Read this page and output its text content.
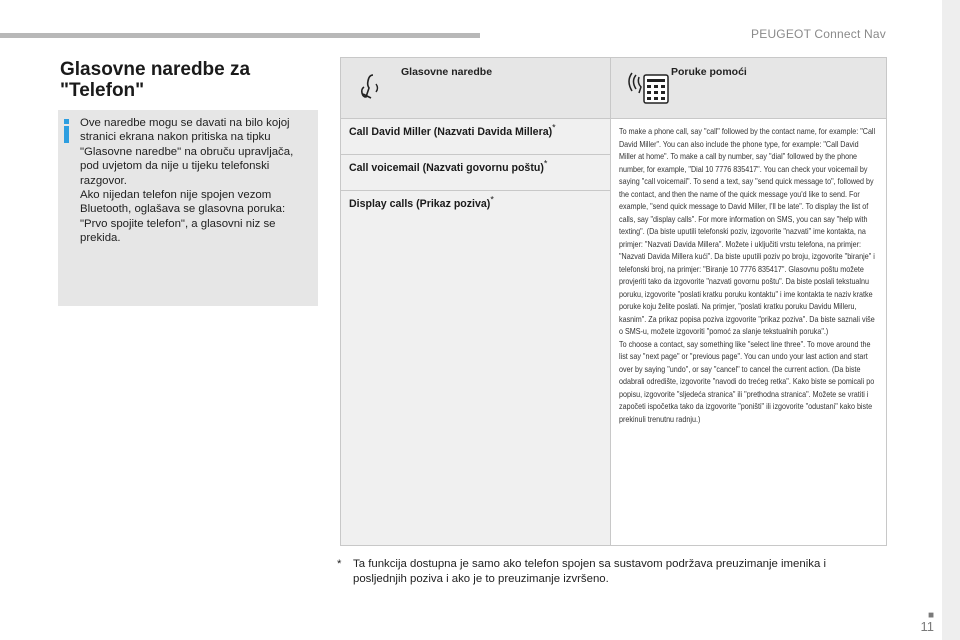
PEUGEOT Connect Nav
■
11
Glasovne naredbe za "Telefon"

Ove naredbe mogu se davati na bilo kojoj stranici ekrana nakon pritiska na tipku "Glasovne naredbe" na obruču upravljača, pod uvjetom da nije u tijeku telefonski razgovor.
Ako nijedan telefon nije spojen vezom Bluetooth, oglašava se glasovna poruka: "Prvo spojite telefon", a glasovni niz se prekida.

Glasovne naredbe	Poruke pomoći

Call David Miller (Nazvati Davida Millera)*	To make a phone call, say "call" followed by the contact name, for example: "Call David Miller". You can also include the phone type, for example: "Call David Miller at home". To make a call by number, say "dial" followed by the phone number, for example, "Dial 10 7776 835417". You can check your voicemail by saying "call voicemail". To send a text, say "send quick message to", followed by the contact, and then the name of the quick message you'd like to send. For example, "send quick message to David Miller, I'll be late". To display the list of calls, say "display calls". For more information on SMS, you can say "help with texting". (Da biste uputili telefonski poziv, izgovorite "nazvati" ime kontakta, na primjer: "Nazvati Davida Millera". Možete i uključiti vrstu telefona, na primjer: "Nazvati Davida Millera kući". Da biste uputili poziv po broju, izgovorite "biranje" i telefonski broj, na primjer: "Biranje 10 7776 835417". Glasovnu poštu možete provjeriti tako da izgovorite "nazvati govornu poštu". Da biste poslali tekstualnu poruku, izgovorite "poslati kratku poruku kontaktu" i ime kontakta te naziv kratke poruke koju želite poslati. Na primjer, "poslati kratku poruku Davidu Milleru, kasnim". Za prikaz popisa poziva izgovorite "prikaz poziva". Da biste saznali više o SMS-u, možete izgovoriti "pomoć za slanje tekstualnih poruka".)
To choose a contact, say something like "select line three". To move around the list say "next page" or "previous page". You can undo your last action and start over by saying "undo", or say "cancel" to cancel the current action. (Da biste odabrali odredište, izgovorite "navodi do trećeg retka". Kako biste se pomicali po popisu, izgovorite "sljedeća stranica" ili "prethodna stranica". Možete se vratiti i započeti ispočetka tako da izgovorite "poništi" ili izgovorite "odustani" kako biste prekinuli trenutnu radnju.)

Call voicemail (Nazvati govornu poštu)*
Display calls (Prikaz poziva)*
*	Ta funkcija dostupna je samo ako telefon spojen sa sustavom podržava preuzimanje imenika i posljednjih poziva i ako je to preuzimanje izvršeno.
